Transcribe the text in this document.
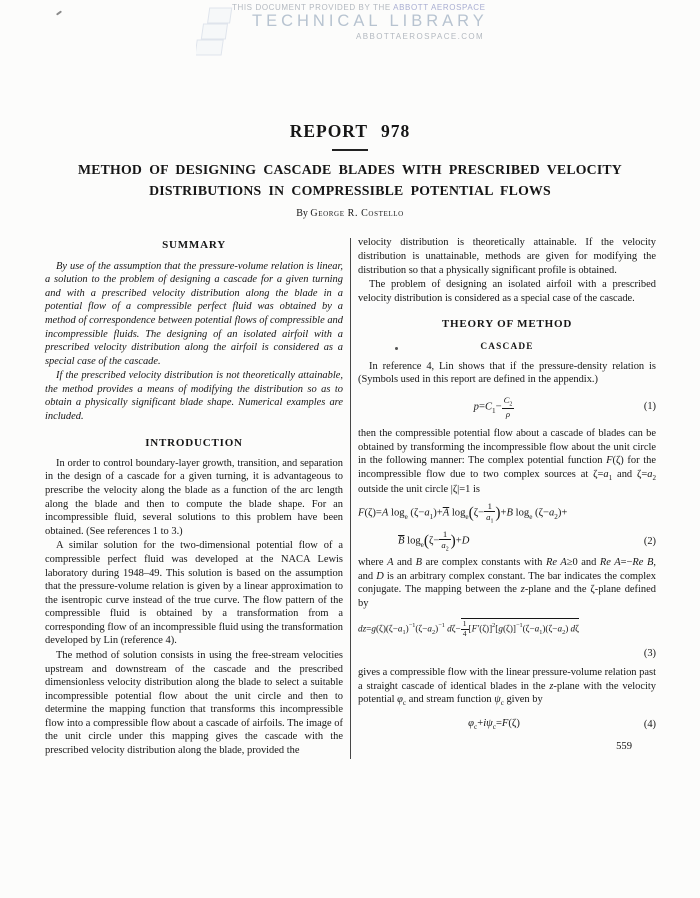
THIS DOCUMENT PROVIDED BY THE ABBOTT AEROSPACE
TECHNICAL LIBRARY
ABBOTTAEROSPACE.COM
REPORT 978
METHOD OF DESIGNING CASCADE BLADES WITH PRESCRIBED VELOCITY
DISTRIBUTIONS IN COMPRESSIBLE POTENTIAL FLOWS
By George R. Costello
SUMMARY

By use of the assumption that the pressure-volume relation is linear, a solution to the problem of designing a cascade for a given turning and with a prescribed velocity distribution along the blade in a potential flow of a compressible perfect fluid was obtained by a method of correspondence between potential flows of compressible and incompressible fluids. The designing of an isolated airfoil with a prescribed velocity distribution along the airfoil is considered as a special case of the cascade.

If the prescribed velocity distribution is not theoretically attainable, the method provides a means of modifying the distribution so as to obtain a physically significant blade shape. Numerical examples are included.

INTRODUCTION

In order to control boundary-layer growth, transition, and separation in the design of a cascade for a given turning, it is advantageous to prescribe the velocity along the blade as a function of the arc length along the blade and then to compute the blade shape. For an incompressible fluid, several solutions to this problem have been obtained. (See references 1 to 3.)

A similar solution for the two-dimensional potential flow of a compressible perfect fluid was developed at the NACA Lewis laboratory during 1948–49. This solution is based on the assumption that the pressure-volume relation is given by a linear approximation to the isentropic curve instead of the true curve. The flow pattern of the compressible fluid is obtained by a transformation from a corresponding flow of an incompressible fluid using the transformation developed by Lin (reference 4).

The method of solution consists in using the free-stream velocities upstream and downstream of the cascade and the prescribed dimensionless velocity distribution along the blade to select a suitable incompressible potential flow about the unit circle and then to determine the mapping function that transforms this incompressible flow into a compressible flow about a cascade of airfoils. The image of the unit circle under this mapping gives the cascade with the prescribed velocity distribution along the blade, provided the

velocity distribution is theoretically attainable. If the velocity distribution is unattainable, methods are given for modifying the distribution so that a physically significant profile is obtained.

The problem of designing an isolated airfoil with a prescribed velocity distribution is considered as a special case of the cascade.

THEORY OF METHOD
CASCADE

In reference 4, Lin shows that if the pressure-density relation is (Symbols used in this report are defined in the appendix.)

$p=C_1- \frac{C_2}{\rho}$	(1)

then the compressible potential flow about a cascade of blades can be obtained by transforming the incompressible flow about the unit circle in the following manner: The complex potential function F(ζ) for the incompressible flow due to two complex sources at $\zeta=a_1$ and $\zeta=a_2$ outside the unit circle |ζ|=1 is

F(ζ)=A $\log_e (\zeta-a_1)+\overline{A}$ $\log_e(\zeta- \frac{1}{\overline{a}_1} )+B$ $\log_e (\zeta-a_2)+$
$\overline{B}$ $\log_e(\zeta- \frac{1}{\overline{a}_2} )+D$	(2)

where A and B are complex constants with Re A≥0 and Re A=−Re B, and D is an arbitrary complex constant. The bar indicates the complex conjugate. The mapping between the z-plane and the ζ-plane defined by

$dz=g(\zeta)(\zeta-a_1)^{-1}(\zeta-a_2)^{-1}$ $d\zeta- \frac{1}{4} [F'(\zeta)]^2[g(\zeta)]^{-1}(\zeta-a_1)(\zeta-a_2)$ dζ
(3)

gives a compressible flow with the linear pressure-volume relation past a straight cascade of identical blades in the z-plane with the velocity potential $\varphi_c$ and stream function $\psi_c$ given by

$\varphi_c+i\psi_c=F(\zeta)$	(4)
559
